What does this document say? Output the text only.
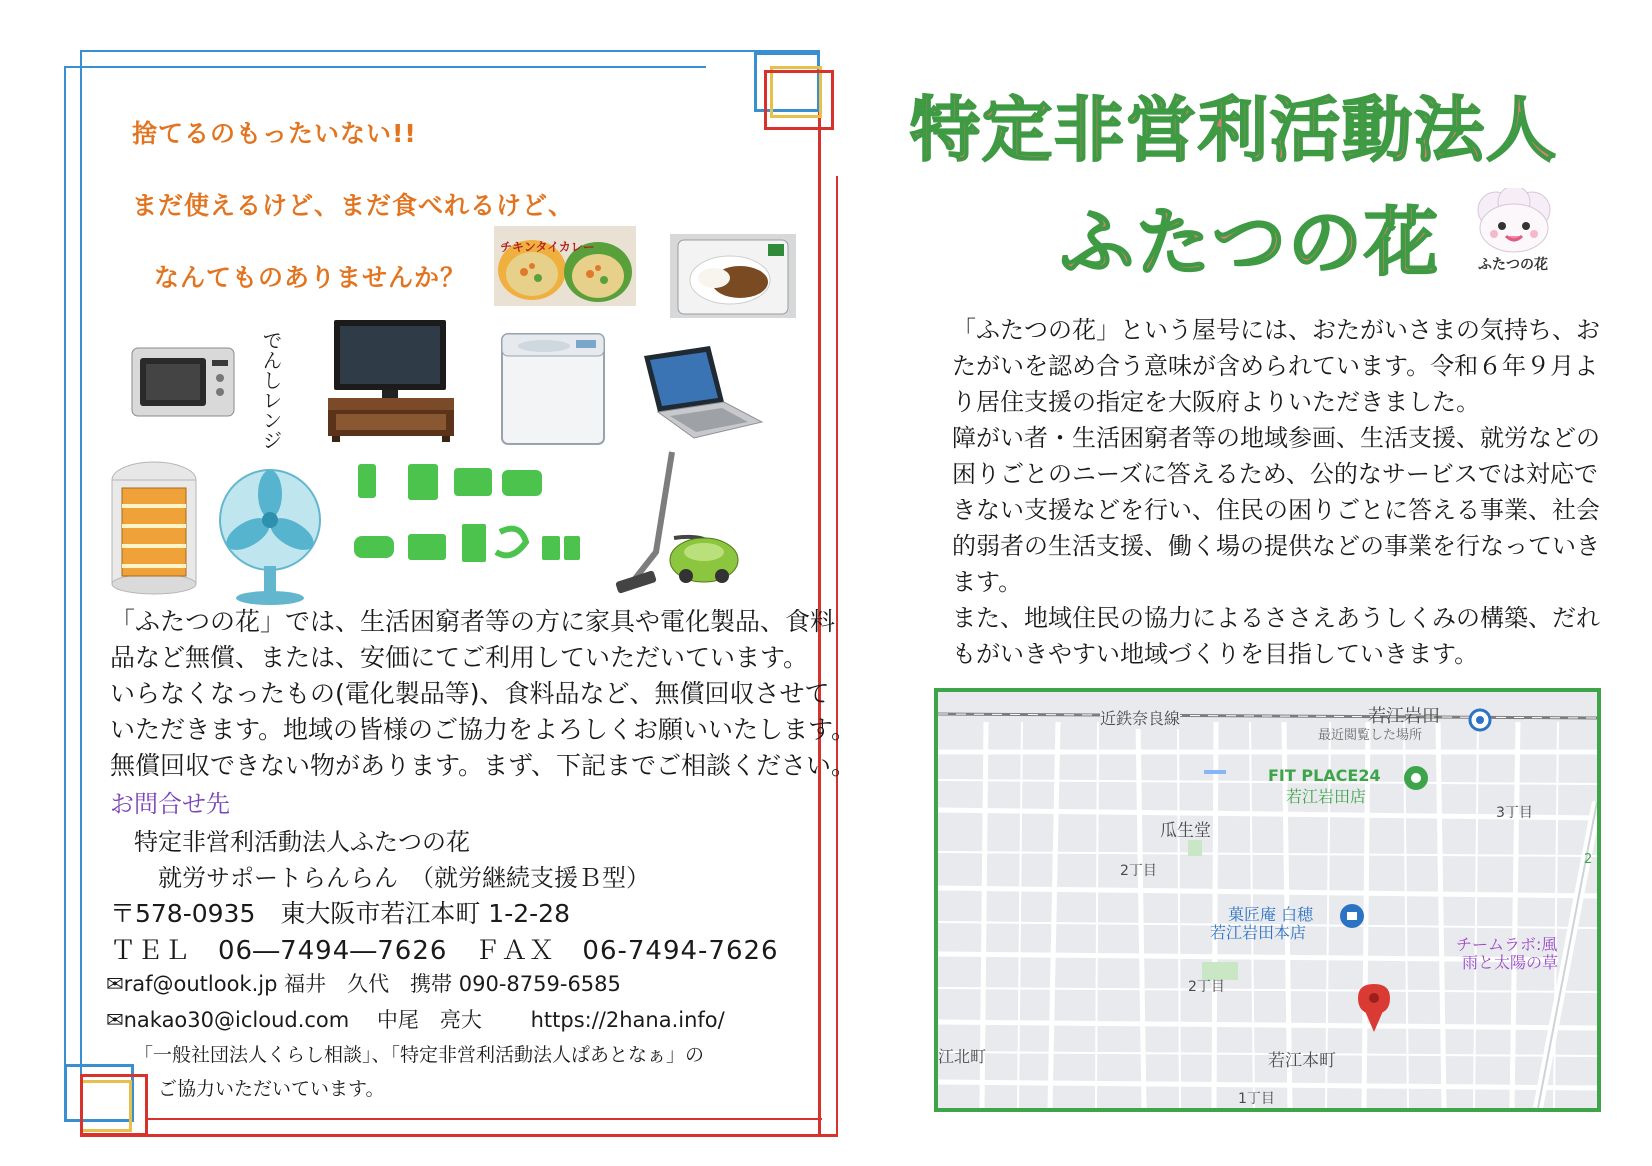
捨てるのもったいない!!
まだ使えるけど、まだ食べれるけど、
なんてものありませんか？
チキンタイカレー
でんしレンジ
「ふたつの花」では、生活困窮者等の方に家具や電化製品、食料
品など無償、または、安価にてご利用していただいています。
いらなくなったもの(電化製品等)、食料品など、無償回収させて
いただきます。地域の皆様のご協力をよろしくお願いいたします。
無償回収できない物があります。まず、下記までご相談ください。
お問合せ先
特定非営利活動法人ふたつの花
就労サポートらんらん　（就労継続支援Ｂ型）
〒578-0935　東大阪市若江本町 1-2-28
ＴＥＬ　06―7494―7626　ＦＡＸ　06-7494-7626
✉raf@outlook.jp 福井　久代　携帯 090-8759-6585
✉nakao30@icloud.com　 中尾　亮大　　 https://2hana.info/
「一般社団法人くらし相談」、「特定非営利活動法人ぱあとなぁ」の
ご協力いただいています。
特定非営利活動法人
ふたつの花	ふたつの花
「ふたつの花」という屋号には、おたがいさまの気持ち、お
たがいを認め合う意味が含められています。令和６年９月よ
り居住支援の指定を大阪府よりいただきました。
障がい者・生活困窮者等の地域参画、生活支援、就労などの
困りごとのニーズに答えるため、公的なサービスでは対応で
きない支援などを行い、住民の困りごとに答える事業、社会
的弱者の生活支援、働く場の提供などの事業を行なっていき
ます。
また、地域住民の協力によるささえあうしくみの構築、だれ
もがいきやすい地域づくりを目指していきます。
近鉄奈良線	若江岩田
最近閲覧した場所
FIT PLACE24
若江岩田店
瓜生堂
3丁目
2丁目
菓匠庵 白穂
若江岩田本店
チームラボ:風
雨と太陽の草
2丁目
江北町	若江本町
1丁目
2
